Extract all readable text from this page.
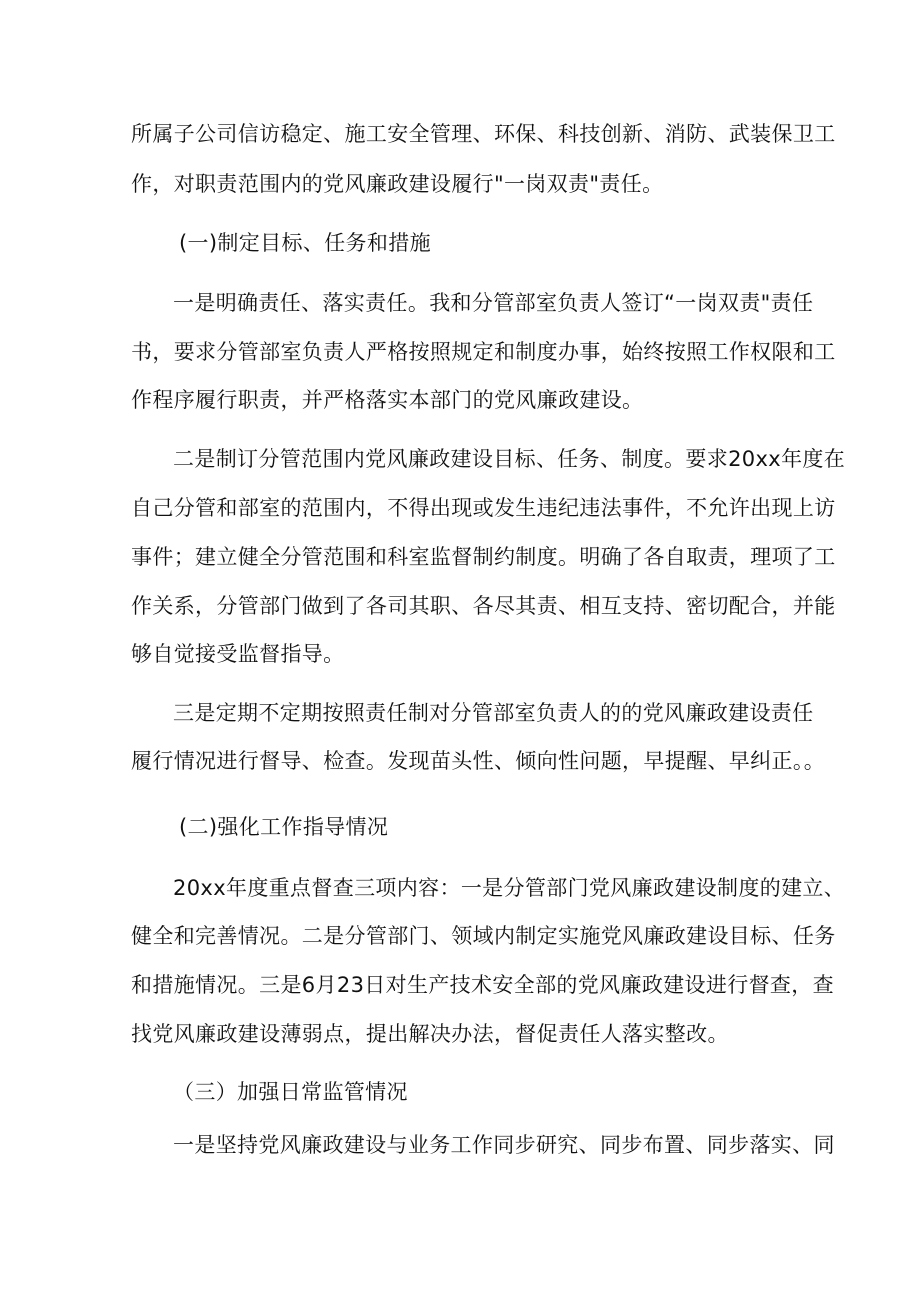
所属子公司信访稳定、施工安全管理、环保、科技创新、消防、武装保卫工
作，对职责范围内的党风廉政建设履行"一岗双责"责任。
(一)制定目标、任务和措施
一是明确责任、落实责任。我和分管部室负责人签订“一岗双责"责任
书，要求分管部室负责人严格按照规定和制度办事，始终按照工作权限和工
作程序履行职责，并严格落实本部门的党风廉政建设。
二是制订分管范围内党风廉政建设目标、任务、制度。要求20xx年度在
自己分管和部室的范围内，不得出现或发生违纪违法事件，不允许出现上访
事件；建立健全分管范围和科室监督制约制度。明确了各自取责，理项了工
作关系，分管部门做到了各司其职、各尽其责、相互支持、密切配合，并能
够自觉接受监督指导。
三是定期不定期按照责任制对分管部室负责人的的党风廉政建设责任
履行情况进行督导、检查。发现苗头性、倾向性问题，早提醒、早纠正。。
(二)强化工作指导情况
20xx年度重点督查三项内容：一是分管部门党风廉政建设制度的建立、
健全和完善情况。二是分管部门、领域内制定实施党风廉政建设目标、任务
和措施情况。三是6月23日对生产技术安全部的党风廉政建设进行督查，查
找党风廉政建设薄弱点，提出解决办法，督促责任人落实整改。
（三）加强日常监管情况
一是坚持党风廉政建设与业务工作同步研究、同步布置、同步落实、同
